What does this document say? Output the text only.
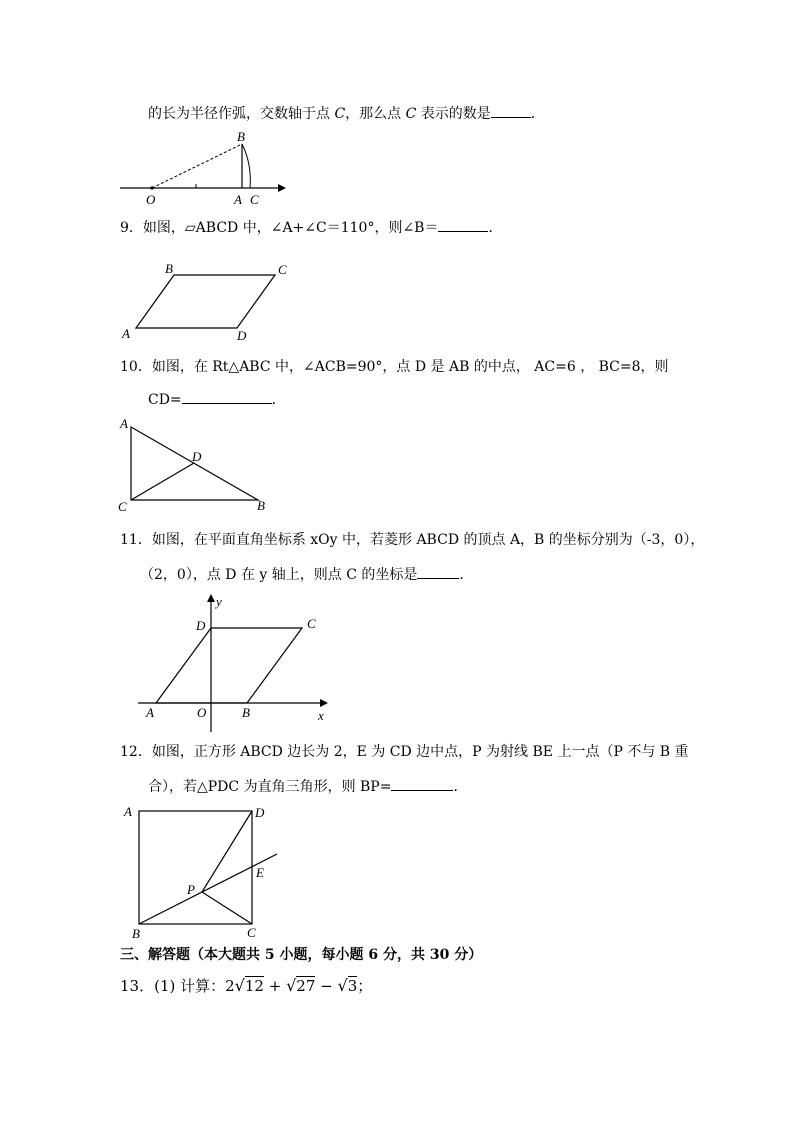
的长为半径作弧，交数轴于点 C，那么点 C 表示的数是	．
O	A C
B
9．如图，▱ABCD 中，∠A+∠C＝110°，则∠B＝	．
A
B	C
D
10．如图，在 Rt△ABC 中，∠ACB=90°，点 D 是 AB 的中点， AC=6 ， BC=8，则
CD=	．
A
C	B
D
11．如图，在平面直角坐标系 xOy 中，若菱形 ABCD 的顶点 A，B 的坐标分别为（-3，0），
（2，0），点 D 在 y 轴上，则点 C 的坐标是	．
A	O	B
D	C
x
y
12．如图，正方形 ABCD 边长为 2，E 为 CD 边中点，P 为射线 BE 上一点（P 不与 B 重
合），若△PDC 为直角三角形，则 BP=	．
A	D
B	C
E
P
三、解答题（本大题共 5 小题，每小题 6 分，共 30 分）
13．(1) 计算：2√12 + √27 − √3；
